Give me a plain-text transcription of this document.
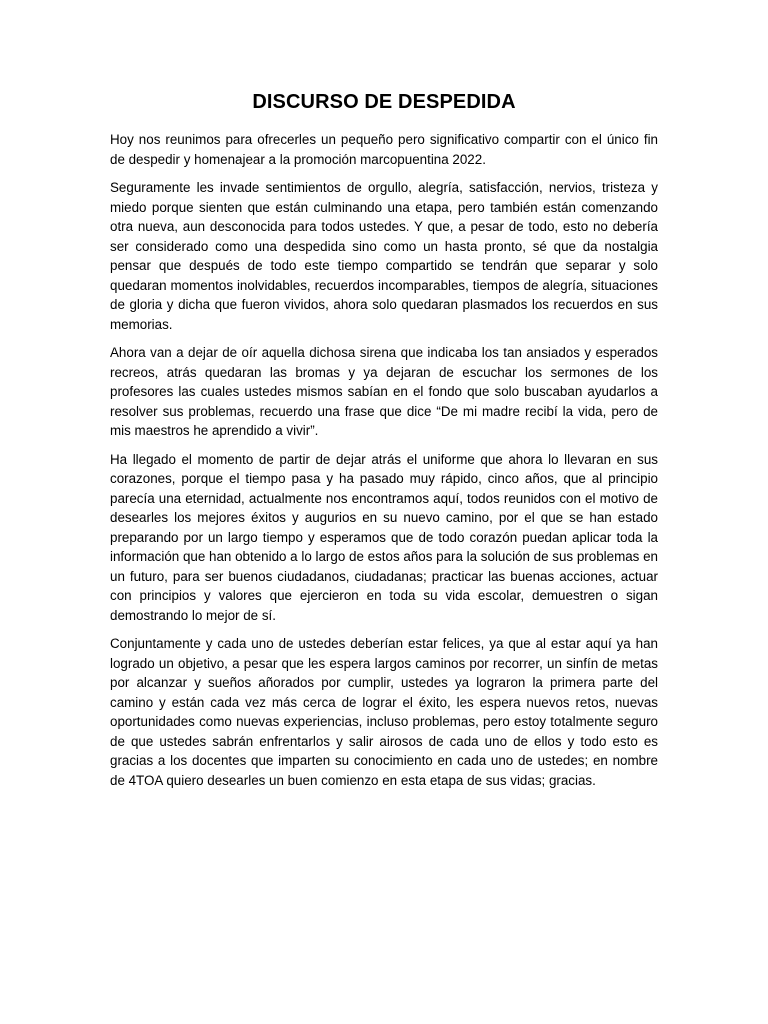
DISCURSO DE DESPEDIDA

Hoy nos reunimos para ofrecerles un pequeño pero significativo compartir con el único fin de despedir y homenajear a la promoción marcopuentina 2022.

Seguramente les invade sentimientos de orgullo, alegría, satisfacción, nervios, tristeza y miedo porque sienten que están culminando una etapa, pero también están comenzando otra nueva, aun desconocida para todos ustedes. Y que, a pesar de todo, esto no debería ser considerado como una despedida sino como un hasta pronto, sé que da nostalgia pensar que después de todo este tiempo compartido se tendrán que separar y solo quedaran momentos inolvidables, recuerdos incomparables, tiempos de alegría, situaciones de gloria y dicha que fueron vividos, ahora solo quedaran plasmados los recuerdos en sus memorias.

Ahora van a dejar de oír aquella dichosa sirena que indicaba los tan ansiados y esperados recreos, atrás quedaran las bromas y ya dejaran de escuchar los sermones de los profesores las cuales ustedes mismos sabían en el fondo que solo buscaban ayudarlos a resolver sus problemas, recuerdo una frase que dice “De mi madre recibí la vida, pero de mis maestros he aprendido a vivir”.

Ha llegado el momento de partir de dejar atrás el uniforme que ahora lo llevaran en sus corazones, porque el tiempo pasa y ha pasado muy rápido, cinco años, que al principio parecía una eternidad, actualmente nos encontramos aquí, todos reunidos con el motivo de desearles los mejores éxitos y augurios en su nuevo camino, por el que se han estado preparando por un largo tiempo y esperamos que de todo corazón puedan aplicar toda la información que han obtenido a lo largo de estos años para la solución de sus problemas en un futuro, para ser buenos ciudadanos, ciudadanas; practicar las buenas acciones, actuar con principios y valores que ejercieron en toda su vida escolar, demuestren o sigan demostrando lo mejor de sí.

Conjuntamente y cada uno de ustedes deberían estar felices, ya que al estar aquí ya han logrado un objetivo, a pesar que les espera largos caminos por recorrer, un sinfín de metas por alcanzar y sueños añorados por cumplir, ustedes ya lograron la primera parte del camino y están cada vez más cerca de lograr el éxito, les espera nuevos retos, nuevas oportunidades como nuevas experiencias, incluso problemas, pero estoy totalmente seguro de que ustedes sabrán enfrentarlos y salir airosos de cada uno de ellos y todo esto es gracias a los docentes que imparten su conocimiento en cada uno de ustedes; en nombre de 4TOA quiero desearles un buen comienzo en esta etapa de sus vidas; gracias.
